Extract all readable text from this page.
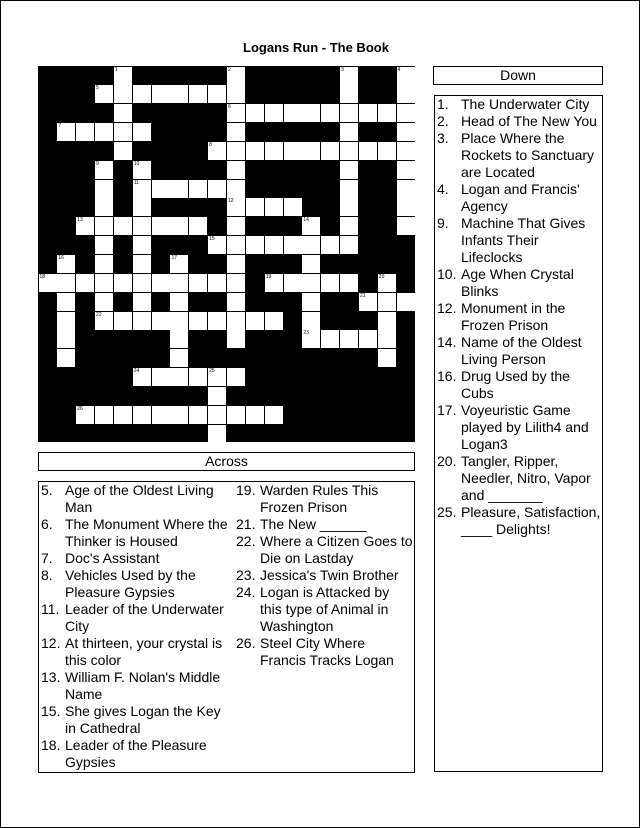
Logans Run - The Book
1	2	3	4
5
6
7
8
9	10
11
12
13	14
15
16	17
18	19	20
21
22
23
24	25
26
Down
1. The Underwater City
2. Head of The New You
3. Place Where the Rockets to Sanctuary are Located
4. Logan and Francis' Agency
9. Machine That Gives Infants Their Lifeclocks
10. Age When Crystal Blinks
12. Monument in the Frozen Prison
14. Name of the Oldest Living Person
16. Drug Used by the Cubs
17. Voyeuristic Game played by Lilith4 and Logan3
20. Tangler, Ripper, Needler, Nitro, Vapor and _______
25. Pleasure, Satisfaction, ____ Delights!
Across
5. Age of the Oldest Living Man
6. The Monument Where the Thinker is Housed
7. Doc's Assistant
8. Vehicles Used by the Pleasure Gypsies
11. Leader of the Underwater City
12. At thirteen, your crystal is this color
13. William F. Nolan's Middle Name
15. She gives Logan the Key in Cathedral
18. Leader of the Pleasure Gypsies
19. Warden Rules This Frozen Prison
21. The New ______
22. Where a Citizen Goes to Die on Lastday
23. Jessica's Twin Brother
24. Logan is Attacked by this type of Animal in Washington
26. Steel City Where Francis Tracks Logan
